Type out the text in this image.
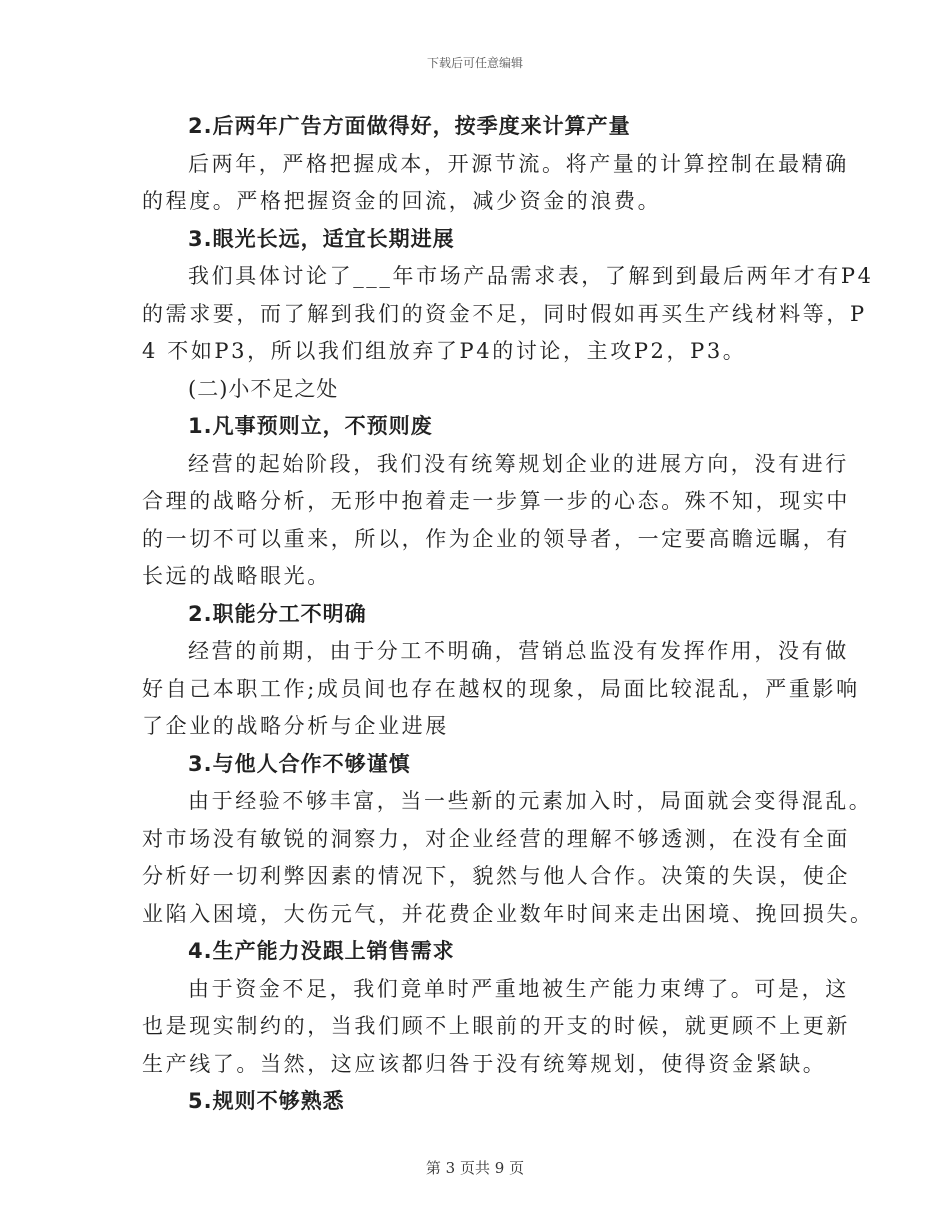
下载后可任意编辑
2.后两年广告方面做得好，按季度来计算产量
后两年，严格把握成本，开源节流。将产量的计算控制在最精确
的程度。严格把握资金的回流，减少资金的浪费。
3.眼光长远，适宜长期进展
我们具体讨论了___年市场产品需求表，了解到到最后两年才有P4
的需求要，而了解到我们的资金不足，同时假如再买生产线材料等，P
4 不如P3，所以我们组放弃了P4的讨论，主攻P2，P3。
(二)小不足之处
1.凡事预则立，不预则废
经营的起始阶段，我们没有统筹规划企业的进展方向，没有进行
合理的战略分析，无形中抱着走一步算一步的心态。殊不知，现实中
的一切不可以重来，所以，作为企业的领导者，一定要高瞻远瞩，有
长远的战略眼光。
2.职能分工不明确
经营的前期，由于分工不明确，营销总监没有发挥作用，没有做
好自己本职工作;成员间也存在越权的现象，局面比较混乱，严重影响
了企业的战略分析与企业进展
3.与他人合作不够谨慎
由于经验不够丰富，当一些新的元素加入时，局面就会变得混乱。
对市场没有敏锐的洞察力，对企业经营的理解不够透测，在没有全面
分析好一切利弊因素的情况下，貌然与他人合作。决策的失误，使企
业陷入困境，大伤元气，并花费企业数年时间来走出困境、挽回损失。
4.生产能力没跟上销售需求
由于资金不足，我们竟单时严重地被生产能力束缚了。可是，这
也是现实制约的，当我们顾不上眼前的开支的时候，就更顾不上更新
生产线了。当然，这应该都归咎于没有统筹规划，使得资金紧缺。
5.规则不够熟悉
第 3 页共 9 页
